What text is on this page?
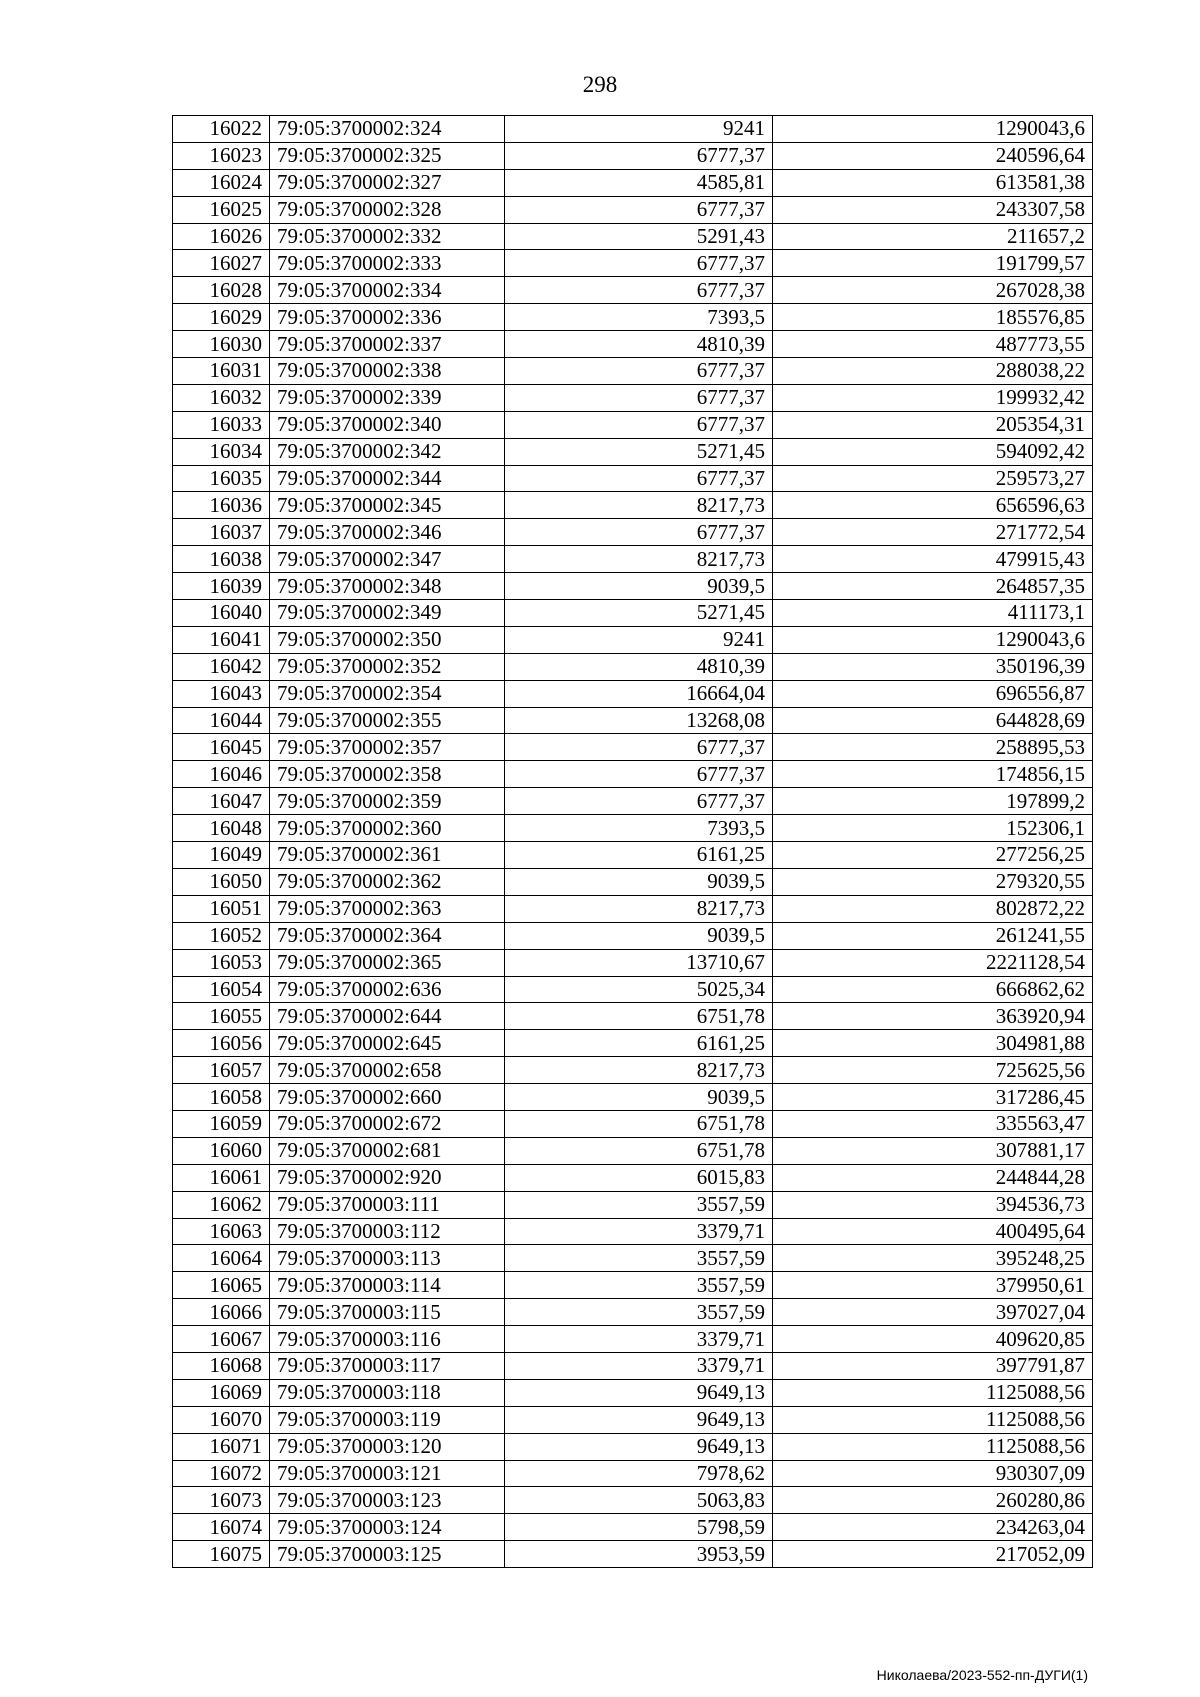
298
16022	79:05:3700002:324	9241	1290043,6
16023	79:05:3700002:325	6777,37	240596,64
16024	79:05:3700002:327	4585,81	613581,38
16025	79:05:3700002:328	6777,37	243307,58
16026	79:05:3700002:332	5291,43	211657,2
16027	79:05:3700002:333	6777,37	191799,57
16028	79:05:3700002:334	6777,37	267028,38
16029	79:05:3700002:336	7393,5	185576,85
16030	79:05:3700002:337	4810,39	487773,55
16031	79:05:3700002:338	6777,37	288038,22
16032	79:05:3700002:339	6777,37	199932,42
16033	79:05:3700002:340	6777,37	205354,31
16034	79:05:3700002:342	5271,45	594092,42
16035	79:05:3700002:344	6777,37	259573,27
16036	79:05:3700002:345	8217,73	656596,63
16037	79:05:3700002:346	6777,37	271772,54
16038	79:05:3700002:347	8217,73	479915,43
16039	79:05:3700002:348	9039,5	264857,35
16040	79:05:3700002:349	5271,45	411173,1
16041	79:05:3700002:350	9241	1290043,6
16042	79:05:3700002:352	4810,39	350196,39
16043	79:05:3700002:354	16664,04	696556,87
16044	79:05:3700002:355	13268,08	644828,69
16045	79:05:3700002:357	6777,37	258895,53
16046	79:05:3700002:358	6777,37	174856,15
16047	79:05:3700002:359	6777,37	197899,2
16048	79:05:3700002:360	7393,5	152306,1
16049	79:05:3700002:361	6161,25	277256,25
16050	79:05:3700002:362	9039,5	279320,55
16051	79:05:3700002:363	8217,73	802872,22
16052	79:05:3700002:364	9039,5	261241,55
16053	79:05:3700002:365	13710,67	2221128,54
16054	79:05:3700002:636	5025,34	666862,62
16055	79:05:3700002:644	6751,78	363920,94
16056	79:05:3700002:645	6161,25	304981,88
16057	79:05:3700002:658	8217,73	725625,56
16058	79:05:3700002:660	9039,5	317286,45
16059	79:05:3700002:672	6751,78	335563,47
16060	79:05:3700002:681	6751,78	307881,17
16061	79:05:3700002:920	6015,83	244844,28
16062	79:05:3700003:111	3557,59	394536,73
16063	79:05:3700003:112	3379,71	400495,64
16064	79:05:3700003:113	3557,59	395248,25
16065	79:05:3700003:114	3557,59	379950,61
16066	79:05:3700003:115	3557,59	397027,04
16067	79:05:3700003:116	3379,71	409620,85
16068	79:05:3700003:117	3379,71	397791,87
16069	79:05:3700003:118	9649,13	1125088,56
16070	79:05:3700003:119	9649,13	1125088,56
16071	79:05:3700003:120	9649,13	1125088,56
16072	79:05:3700003:121	7978,62	930307,09
16073	79:05:3700003:123	5063,83	260280,86
16074	79:05:3700003:124	5798,59	234263,04
16075	79:05:3700003:125	3953,59	217052,09
Николаева/2023-552-пп-ДУГИ(1)
